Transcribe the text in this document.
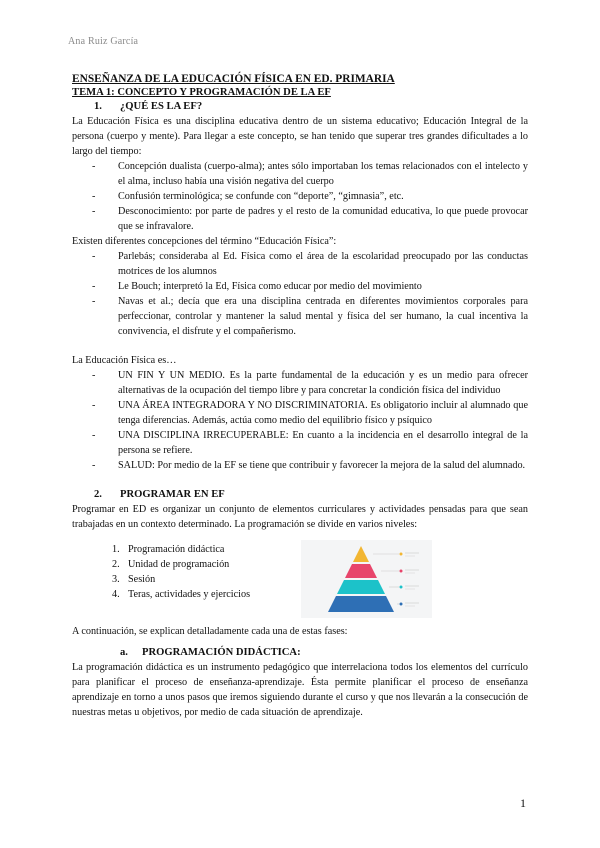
Ana Ruiz García
ENSEÑANZA DE LA EDUCACIÓN FÍSICA EN ED. PRIMARIA
TEMA 1: CONCEPTO Y PROGRAMACIÓN DE LA EF
1. ¿QUÉ ES LA EF?

La Educación Física es una disciplina educativa dentro de un sistema educativo; Educación Integral de la persona (cuerpo y mente). Para llegar a este concepto, se han tenido que superar tres grandes dificultades a lo largo del tiempo:

- Concepción dualista (cuerpo-alma); antes sólo importaban los temas relacionados con el intelecto y el alma, incluso había una visión negativa del cuerpo
- Confusión terminológica; se confunde con “deporte”, “gimnasia”, etc.
- Desconocimiento: por parte de padres y el resto de la comunidad educativa, lo que puede provocar que se infravalore.

Existen diferentes concepciones del término “Educación Física”:

- Parlebás; consideraba al Ed. Física como el área de la escolaridad preocupado por las conductas motrices de los alumnos
- Le Bouch; interpretó la Ed, Física como educar por medio del movimiento
- Navas et al.; decía que era una disciplina centrada en diferentes movimientos corporales para perfeccionar, controlar y mantener la salud mental y física del ser humano, la cual incentiva la convivencia, el disfrute y el compañerismo.

La Educación Física es…

- UN FIN Y UN MEDIO. Es la parte fundamental de la educación y es un medio para ofrecer alternativas de la ocupación del tiempo libre y para concretar la condición física del individuo
- UNA ÁREA INTEGRADORA Y NO DISCRIMINATORIA. Es obligatorio incluir al alumnado que tenga diferencias. Además, actúa como medio del equilibrio físico y psíquico
- UNA DISCIPLINA IRRECUPERABLE: En cuanto a la incidencia en el desarrollo integral de la persona se refiere.
- SALUD: Por medio de la EF se tiene que contribuir y favorecer la mejora de la salud del alumnado.
2. PROGRAMAR EN EF

Programar en ED es organizar un conjunto de elementos curriculares y actividades pensadas para que sean trabajadas en un contexto determinado. La programación se divide en varios niveles:

1. Programación didáctica
2. Unidad de programación
3. Sesión
4. Teras, actividades y ejercicios

A continuación, se explican detalladamente cada una de estas fases:

a. PROGRAMACIÓN DIDÁCTICA:

La programación didáctica es un instrumento pedagógico que interrelaciona todos los elementos del currículo para planificar el proceso de enseñanza-aprendizaje. Ésta permite planificar el proceso de enseñanza aprendizaje en torno a unos pasos que iremos siguiendo durante el curso y que nos llevarán a la consecución de nuestras metas u objetivos, por medio de cada situación de aprendizaje.

1
